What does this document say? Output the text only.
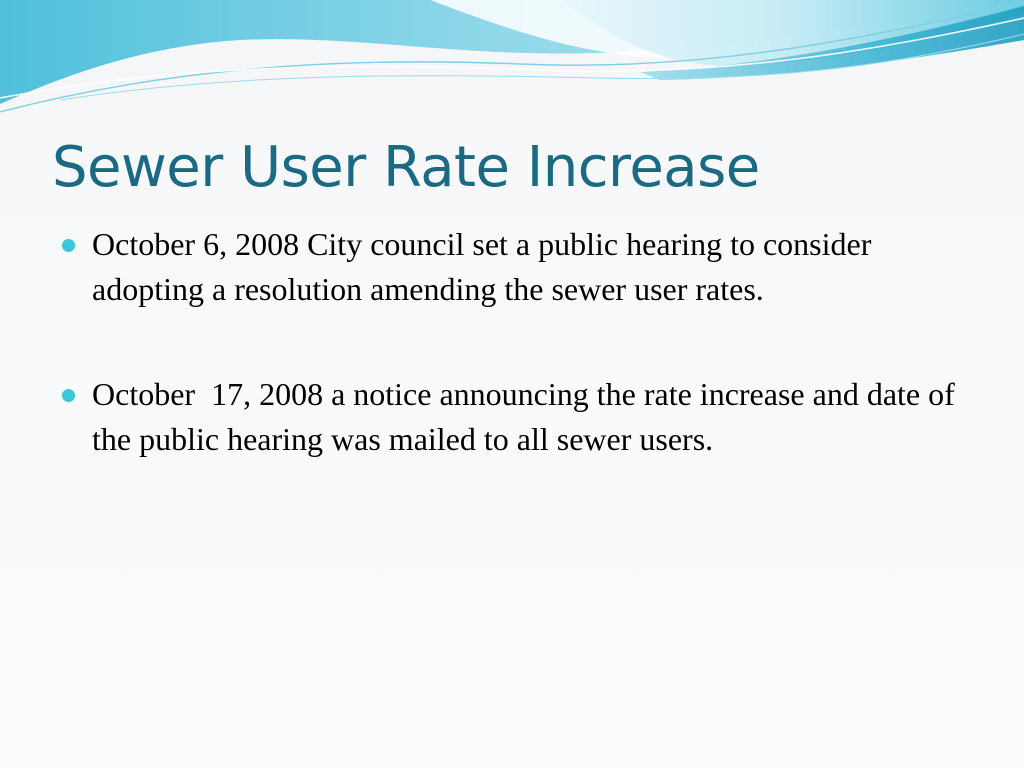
Sewer User Rate Increase
October 6, 2008 City council set a public hearing to consider adopting a resolution amending the sewer user rates.
October  17, 2008 a notice announcing the rate increase and date of the public hearing was mailed to all sewer users.
